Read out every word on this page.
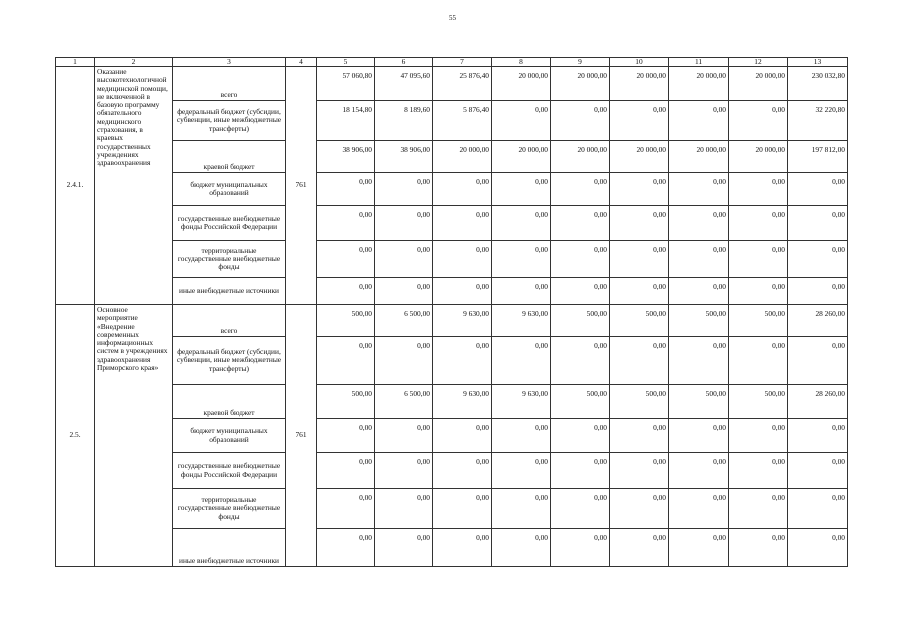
55
1	2	3	4	5	6	7	8	9	10	11	12	13
2.4.1.	Оказание высокотехнологичной медицинской помощи, не включенной в базовую программу обязательного медицинского страхования, в краевых государственных учреждениях здравоохранения	всего	761	57 060,80	47 095,60	25 876,40	20 000,00	20 000,00	20 000,00	20 000,00	20 000,00	230 032,80
		федеральный бюджет (субсидии, субвенции, иные межбюджетные трансферты)		18 154,80	8 189,60	5 876,40	0,00	0,00	0,00	0,00	0,00	32 220,80
		краевой бюджет		38 906,00	38 906,00	20 000,00	20 000,00	20 000,00	20 000,00	20 000,00	20 000,00	197 812,00
		бюджет муниципальных образований		0,00	0,00	0,00	0,00	0,00	0,00	0,00	0,00	0,00
		государственные внебюджетные фонды Российской Федерации		0,00	0,00	0,00	0,00	0,00	0,00	0,00	0,00	0,00
		территориальные государственные внебюджетные фонды		0,00	0,00	0,00	0,00	0,00	0,00	0,00	0,00	0,00
		иные внебюджетные источники		0,00	0,00	0,00	0,00	0,00	0,00	0,00	0,00	0,00
2.5.	Основное мероприятие «Внедрение современных информационных систем в учреждениях здравоохранения Приморского края»	всего	761	500,00	6 500,00	9 630,00	9 630,00	500,00	500,00	500,00	500,00	28 260,00
		федеральный бюджет (субсидии, субвенции, иные межбюджетные трансферты)		0,00	0,00	0,00	0,00	0,00	0,00	0,00	0,00	0,00
		краевой бюджет		500,00	6 500,00	9 630,00	9 630,00	500,00	500,00	500,00	500,00	28 260,00
		бюджет муниципальных образований		0,00	0,00	0,00	0,00	0,00	0,00	0,00	0,00	0,00
		государственные внебюджетные фонды Российской Федерации		0,00	0,00	0,00	0,00	0,00	0,00	0,00	0,00	0,00
		территориальные государственные внебюджетные фонды		0,00	0,00	0,00	0,00	0,00	0,00	0,00	0,00	0,00
		иные внебюджетные источники		0,00	0,00	0,00	0,00	0,00	0,00	0,00	0,00	0,00
